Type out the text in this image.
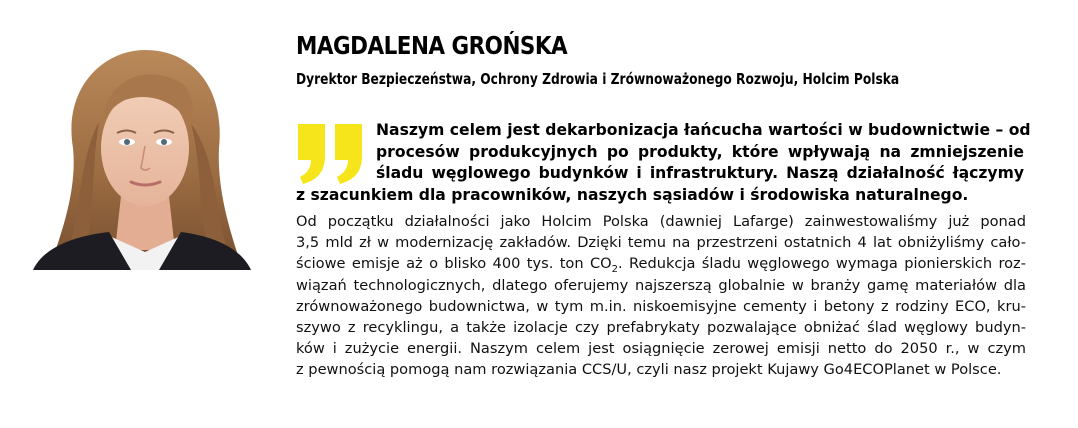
MAGDALENA GROŃSKA

Dyrektor Bezpieczeństwa, Ochrony Zdrowia i Zrównoważonego Rozwoju, Holcim Polska

Naszym celem jest dekarbonizacja łańcucha wartości w budownictwie – od
procesów produkcyjnych po produkty, które wpływają na zmniejszenie
śladu węglowego budynków i infrastruktury. Naszą działalność łączymy
z szacunkiem dla pracowników, naszych sąsiadów i środowiska naturalnego.
Od początku działalności jako Holcim Polska (dawniej Lafarge) zainwestowaliśmy już ponad
3,5 mld zł w modernizację zakładów. Dzięki temu na przestrzeni ostatnich 4 lat obniżyliśmy cało-
ściowe emisje aż o blisko 400 tys. ton $CO_2$. Redukcja śladu węglowego wymaga pionierskich roz-
wiązań technologicznych, dlatego oferujemy najszerszą globalnie w branży gamę materiałów dla
zrównoważonego budownictwa, w tym m.in. niskoemisyjne cementy i betony z rodziny ECO, kru-
szywo z recyklingu, a także izolacje czy prefabrykaty pozwalające obniżać ślad węglowy budyn-
ków i zużycie energii. Naszym celem jest osiągnięcie zerowej emisji netto do 2050 r., w czym
z pewnością pomogą nam rozwiązania CCS/U, czyli nasz projekt Kujawy Go4ECOPlanet w Polsce.
